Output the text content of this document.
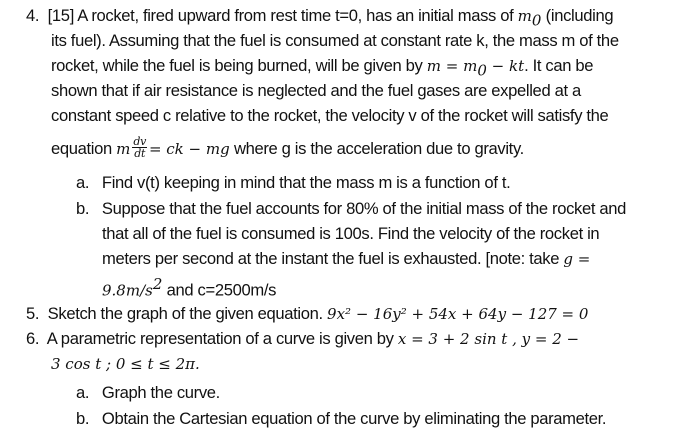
4. [15] A rocket, fired upward from rest time t=0, has an initial mass of $m_0$ (including
its fuel). Assuming that the fuel is consumed at constant rate k, the mass m of the
rocket, while the fuel is being burned, will be given by $m = m_0$ − kt. It can be
shown that if air resistance is neglected and the fuel gases are expelled at a
constant speed c relative to the rocket, the velocity v of the rocket will satisfy the
equation m $\frac{dv}{dt}$ = ck − mg where g is the acceleration due to gravity.
a. Find v(t) keeping in mind that the mass m is a function of t.
b. Suppose that the fuel accounts for 80% of the initial mass of the rocket and
that all of the fuel is consumed is 100s. Find the velocity of the rocket in
meters per second at the instant the fuel is exhausted. [note: take g =
$9.8m/s^2$ and c=2500m/s
5. Sketch the graph of the given equation. 9x² − 16y² + 54x + 64y − 127 = 0
6. A parametric representation of a curve is given by x = 3 + 2 sin t , y = 2 −
3 cos t ; 0 ≤ t ≤ 2π.
a. Graph the curve.
b. Obtain the Cartesian equation of the curve by eliminating the parameter.
